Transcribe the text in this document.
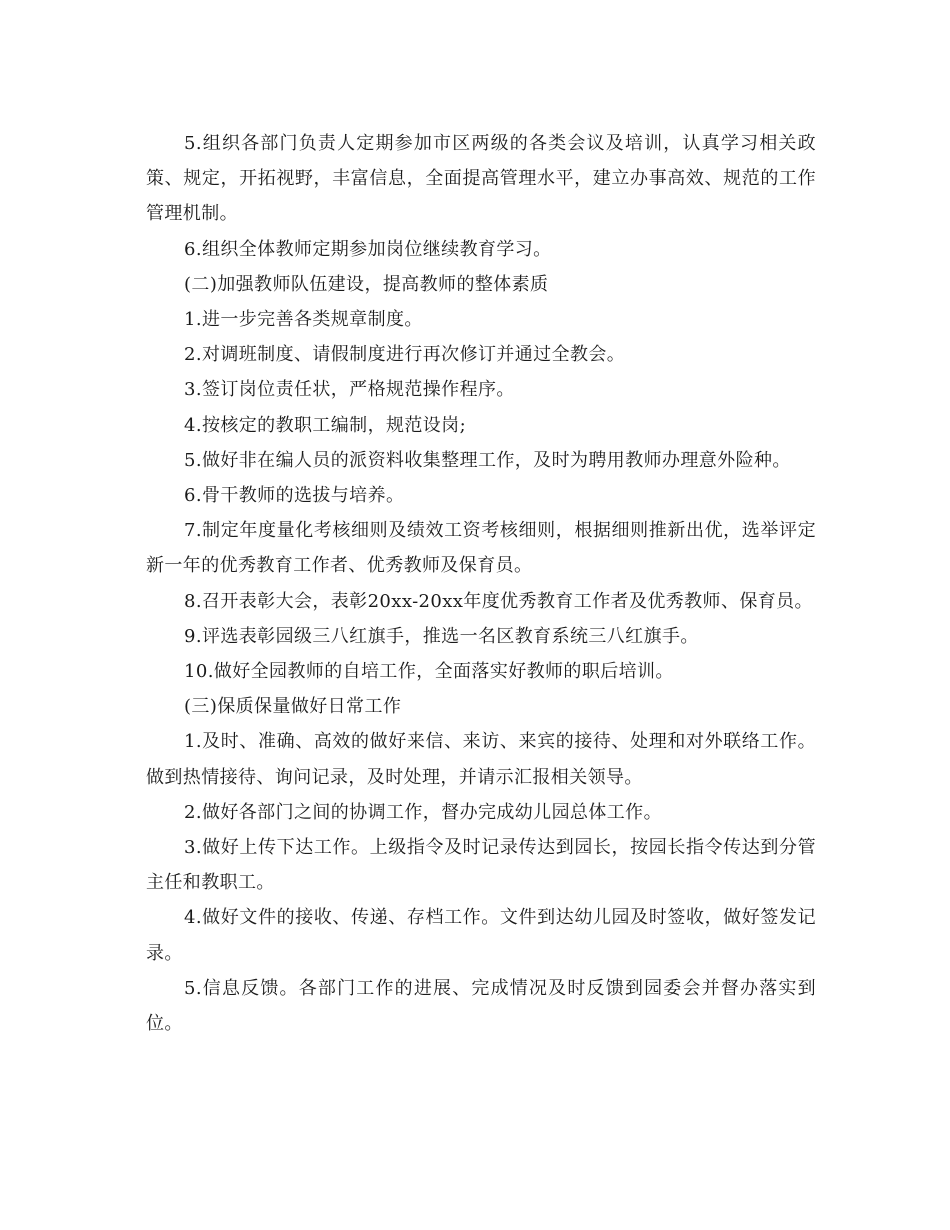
5.组织各部门负责人定期参加市区两级的各类会议及培训，认真学习相关政策、规定，开拓视野，丰富信息，全面提高管理水平，建立办事高效、规范的工作管理机制。

6.组织全体教师定期参加岗位继续教育学习。

(二)加强教师队伍建设，提高教师的整体素质

1.进一步完善各类规章制度。

2.对调班制度、请假制度进行再次修订并通过全教会。

3.签订岗位责任状，严格规范操作程序。

4.按核定的教职工编制，规范设岗;

5.做好非在编人员的派资料收集整理工作，及时为聘用教师办理意外险种。

6.骨干教师的选拔与培养。

7.制定年度量化考核细则及绩效工资考核细则，根据细则推新出优，选举评定新一年的优秀教育工作者、优秀教师及保育员。

8.召开表彰大会，表彰20xx-20xx年度优秀教育工作者及优秀教师、保育员。

9.评选表彰园级三八红旗手，推选一名区教育系统三八红旗手。

10.做好全园教师的自培工作，全面落实好教师的职后培训。

(三)保质保量做好日常工作

1.及时、准确、高效的做好来信、来访、来宾的接待、处理和对外联络工作。做到热情接待、询问记录，及时处理，并请示汇报相关领导。

2.做好各部门之间的协调工作，督办完成幼儿园总体工作。

3.做好上传下达工作。上级指令及时记录传达到园长，按园长指令传达到分管主任和教职工。

4.做好文件的接收、传递、存档工作。文件到达幼儿园及时签收，做好签发记录。

5.信息反馈。各部门工作的进展、完成情况及时反馈到园委会并督办落实到位。
